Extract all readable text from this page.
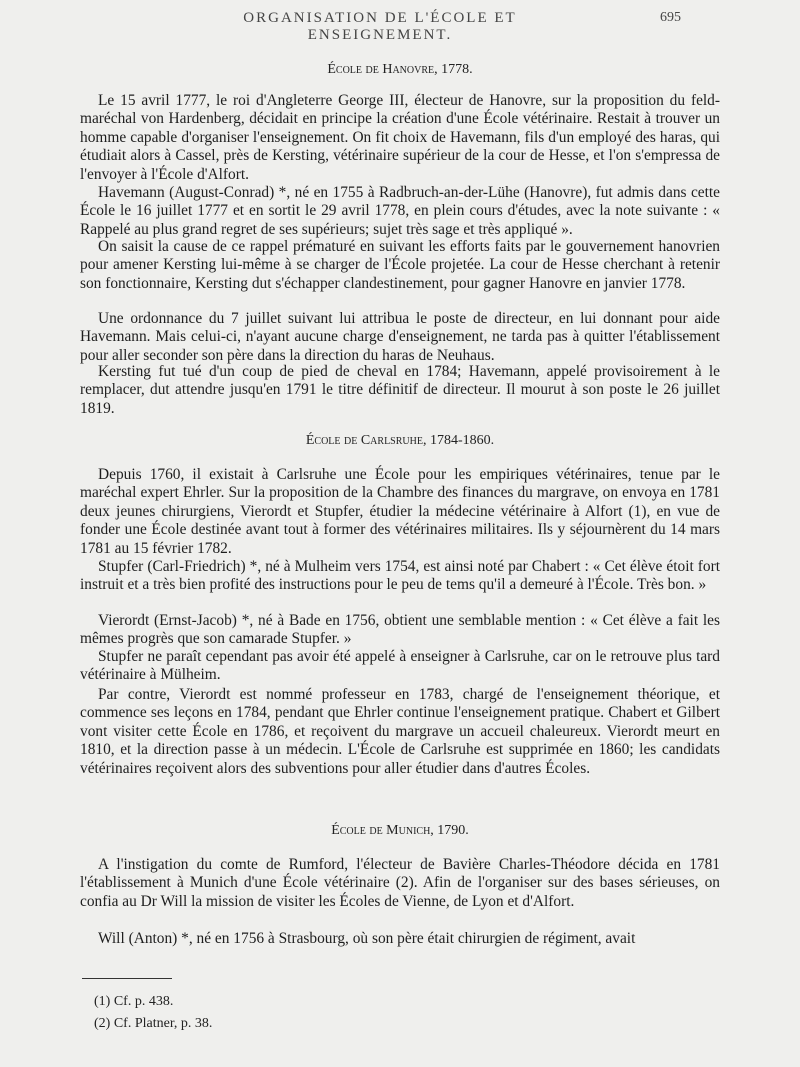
ORGANISATION DE L'ÉCOLE ET ENSEIGNEMENT.
695
École de Hanovre, 1778.

Le 15 avril 1777, le roi d'Angleterre George III, électeur de Hanovre, sur la proposition du feld-maréchal von Hardenberg, décidait en principe la création d'une École vétérinaire. Restait à trouver un homme capable d'organiser l'enseignement. On fit choix de Havemann, fils d'un employé des haras, qui étudiait alors à Cassel, près de Kersting, vétérinaire supérieur de la cour de Hesse, et l'on s'empressa de l'envoyer à l'École d'Alfort.

Havemann (August-Conrad) *, né en 1755 à Radbruch-an-der-Lühe (Hanovre), fut admis dans cette École le 16 juillet 1777 et en sortit le 29 avril 1778, en plein cours d'études, avec la note suivante : « Rappelé au plus grand regret de ses supérieurs; sujet très sage et très appliqué ».

On saisit la cause de ce rappel prématuré en suivant les efforts faits par le gouvernement hanovrien pour amener Kersting lui-même à se charger de l'École projetée. La cour de Hesse cherchant à retenir son fonctionnaire, Kersting dut s'échapper clandestinement, pour gagner Hanovre en janvier 1778.

Une ordonnance du 7 juillet suivant lui attribua le poste de directeur, en lui donnant pour aide Havemann. Mais celui-ci, n'ayant aucune charge d'enseignement, ne tarda pas à quitter l'établissement pour aller seconder son père dans la direction du haras de Neuhaus.

Kersting fut tué d'un coup de pied de cheval en 1784; Havemann, appelé provisoirement à le remplacer, dut attendre jusqu'en 1791 le titre définitif de directeur. Il mourut à son poste le 26 juillet 1819.

École de Carlsruhe, 1784-1860.

Depuis 1760, il existait à Carlsruhe une École pour les empiriques vétérinaires, tenue par le maréchal expert Ehrler. Sur la proposition de la Chambre des finances du margrave, on envoya en 1781 deux jeunes chirurgiens, Vierordt et Stupfer, étudier la médecine vétérinaire à Alfort (1), en vue de fonder une École destinée avant tout à former des vétérinaires militaires. Ils y séjournèrent du 14 mars 1781 au 15 février 1782.

Stupfer (Carl-Friedrich) *, né à Mulheim vers 1754, est ainsi noté par Chabert : « Cet élève étoit fort instruit et a très bien profité des instructions pour le peu de tems qu'il a demeuré à l'École. Très bon. »

Vierordt (Ernst-Jacob) *, né à Bade en 1756, obtient une semblable mention : « Cet élève a fait les mêmes progrès que son camarade Stupfer. »

Stupfer ne paraît cependant pas avoir été appelé à enseigner à Carlsruhe, car on le retrouve plus tard vétérinaire à Mülheim.

Par contre, Vierordt est nommé professeur en 1783, chargé de l'enseignement théorique, et commence ses leçons en 1784, pendant que Ehrler continue l'enseignement pratique. Chabert et Gilbert vont visiter cette École en 1786, et reçoivent du margrave un accueil chaleureux. Vierordt meurt en 1810, et la direction passe à un médecin. L'École de Carlsruhe est supprimée en 1860; les candidats vétérinaires reçoivent alors des subventions pour aller étudier dans d'autres Écoles.

École de Munich, 1790.

A l'instigation du comte de Rumford, l'électeur de Bavière Charles-Théodore décida en 1781 l'établissement à Munich d'une École vétérinaire (2). Afin de l'organiser sur des bases sérieuses, on confia au Dr Will la mission de visiter les Écoles de Vienne, de Lyon et d'Alfort.

Will (Anton) *, né en 1756 à Strasbourg, où son père était chirurgien de régiment, avait

(1) Cf. p. 438.
(2) Cf. Platner, p. 38.
